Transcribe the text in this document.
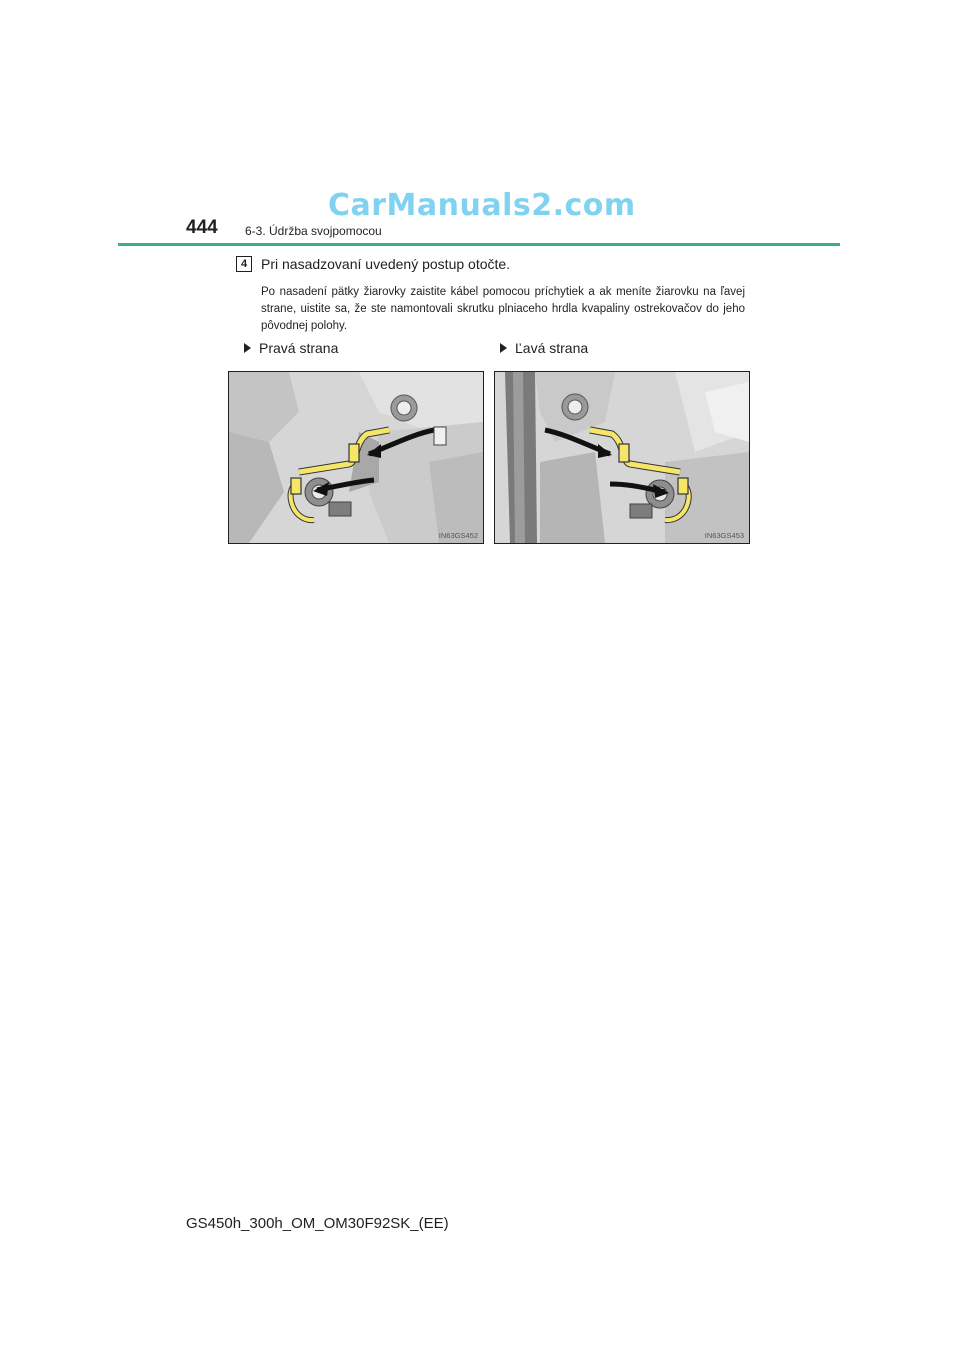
CarManuals2.com
444 6-3. Údržba svojpomocou
4 Pri nasadzovaní uvedený postup otočte.
Po nasadení pätky žiarovky zaistite kábel pomocou príchytiek a ak meníte žiarovku na ľavej strane, uistite sa, že ste namontovali skrutku plniaceho hrdla kvapaliny ostrekovačov do jeho pôvodnej polohy.
Pravá strana	Ľavá strana
IN63GS452	IN63GS453
GS450h_300h_OM_OM30F92SK_(EE)
